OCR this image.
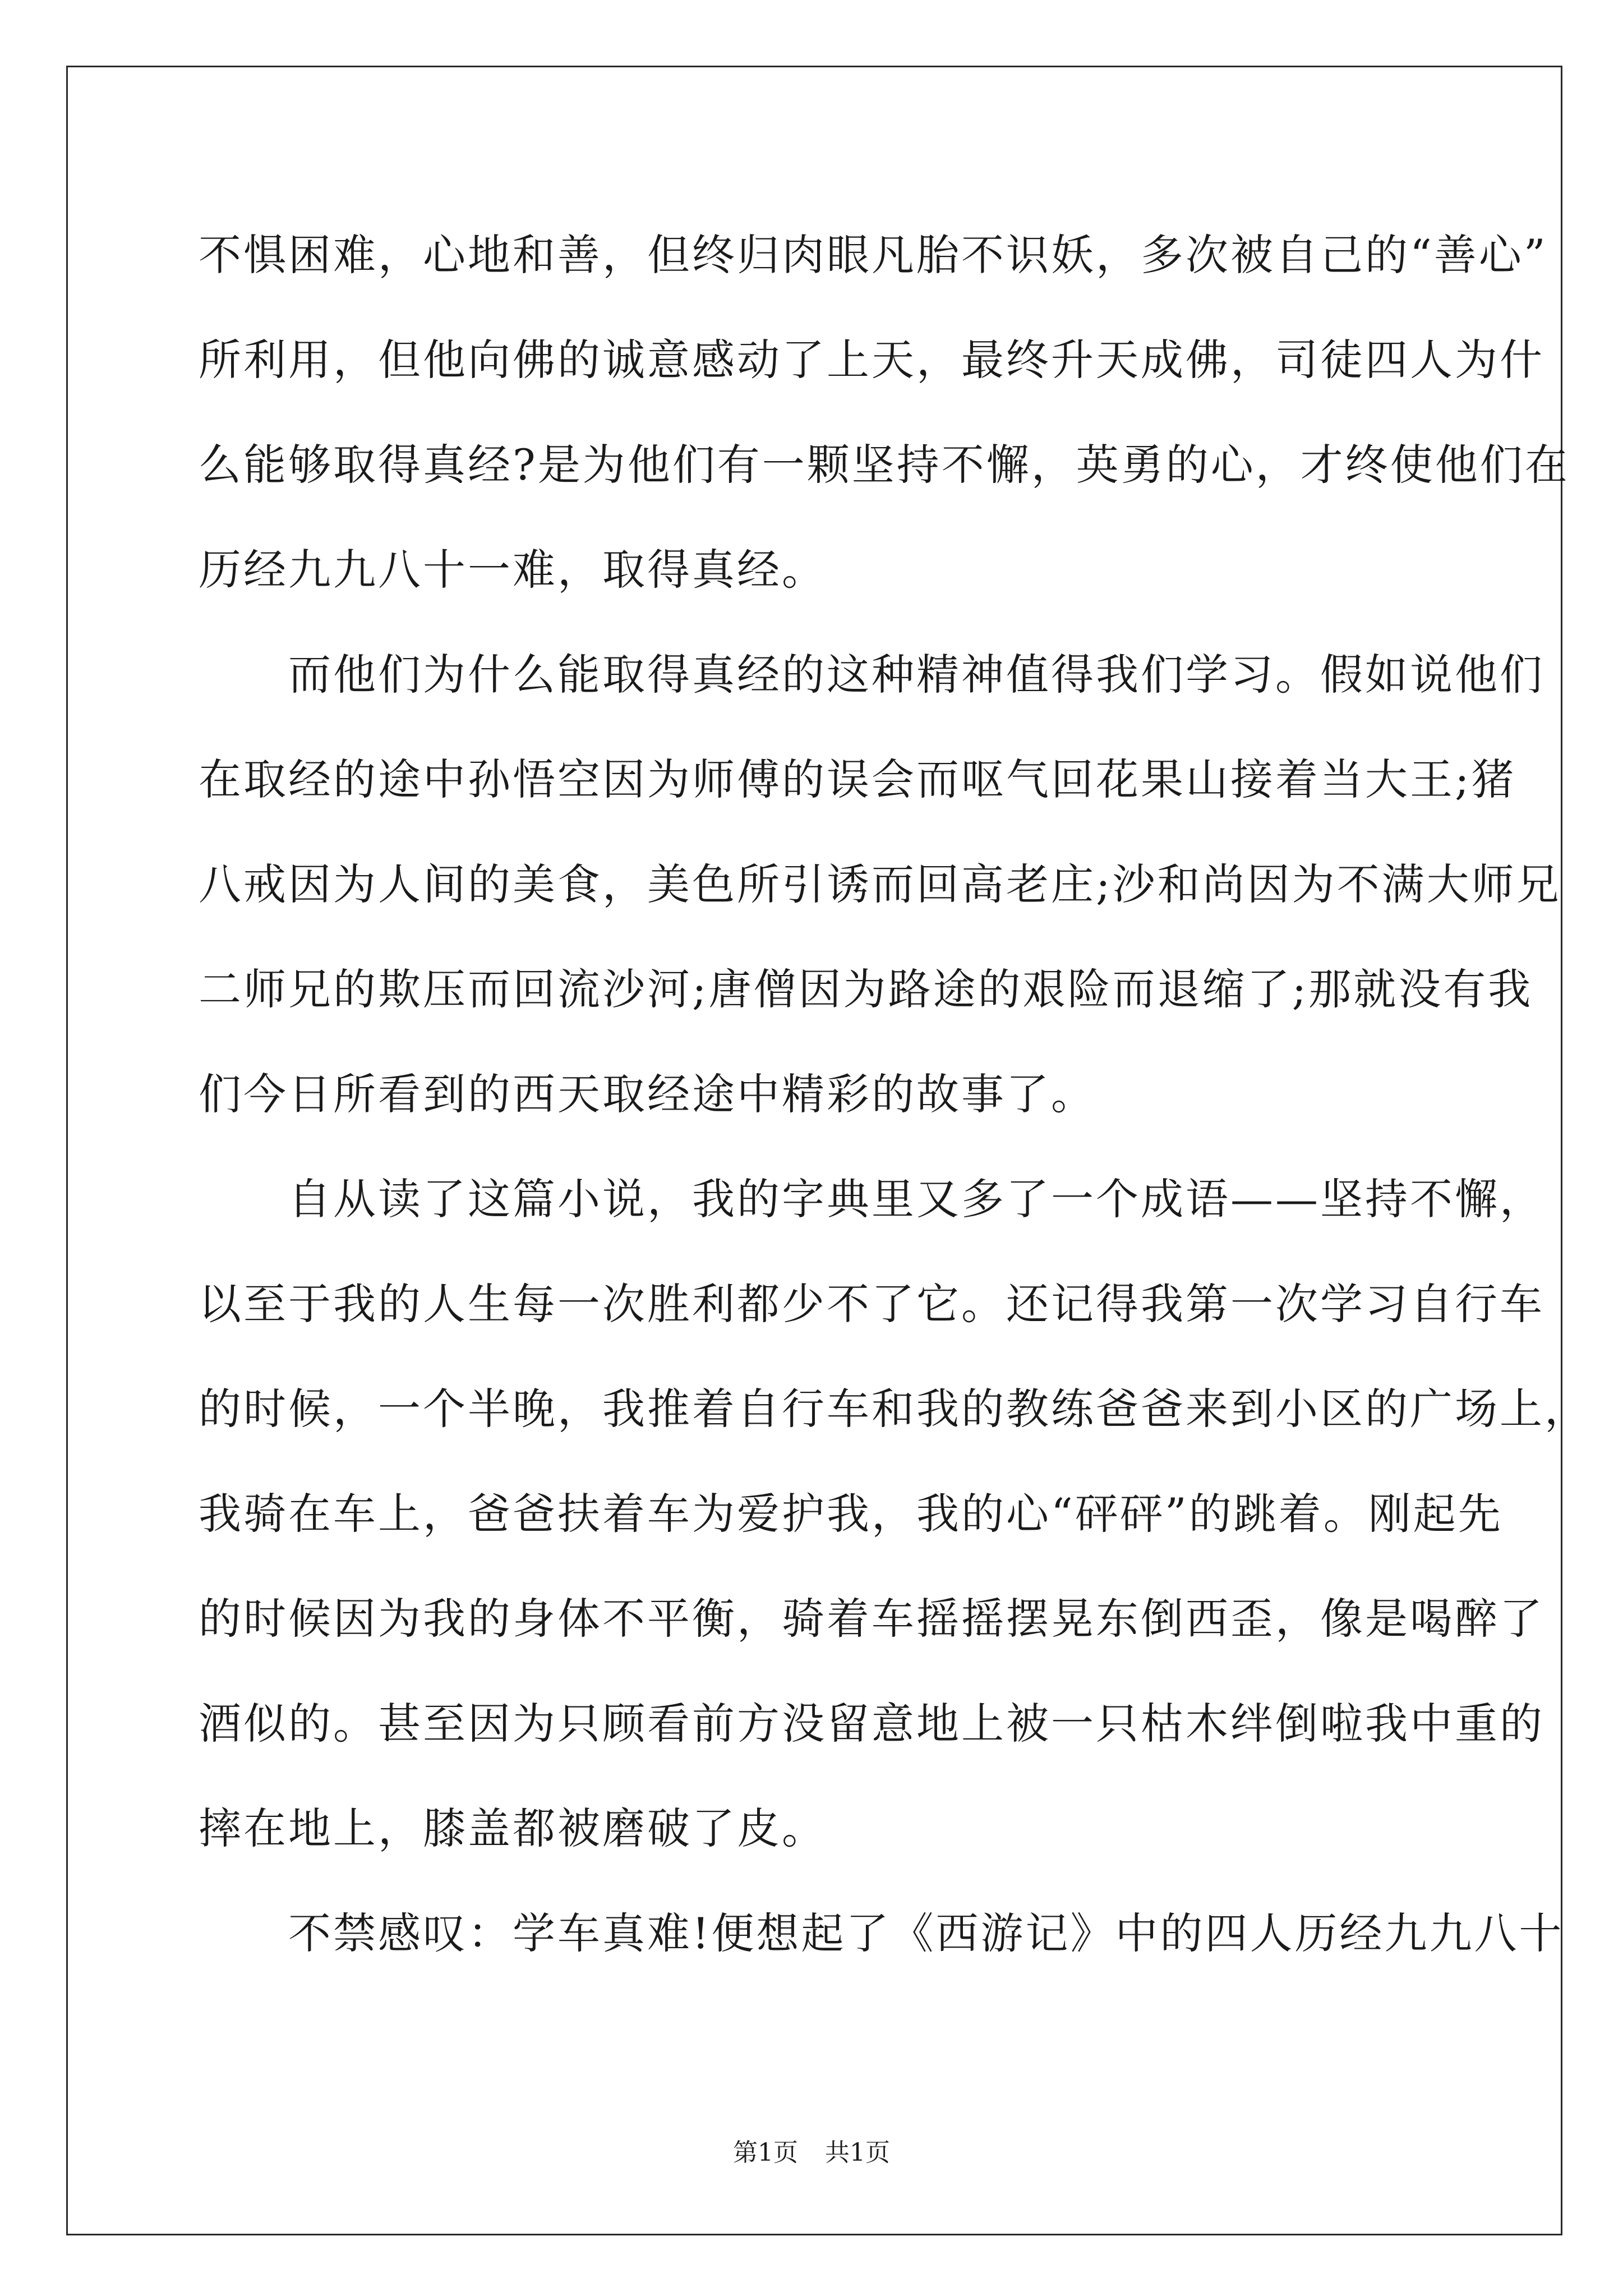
不惧困难，心地和善，但终归肉眼凡胎不识妖，多次被自己的“善心”
所利用，但他向佛的诚意感动了上天，最终升天成佛，司徒四人为什
么能够取得真经?是为他们有一颗坚持不懈，英勇的心，才终使他们在
历经九九八十一难，取得真经。
　　而他们为什么能取得真经的这种精神值得我们学习。假如说他们
在取经的途中孙悟空因为师傅的误会而呕气回花果山接着当大王;猪
八戒因为人间的美食，美色所引诱而回高老庄;沙和尚因为不满大师兄
二师兄的欺压而回流沙河;唐僧因为路途的艰险而退缩了;那就没有我
们今日所看到的西天取经途中精彩的故事了。
　　自从读了这篇小说，我的字典里又多了一个成语——坚持不懈，
以至于我的人生每一次胜利都少不了它。还记得我第一次学习自行车
的时候，一个半晚，我推着自行车和我的教练爸爸来到小区的广场上，
我骑在车上，爸爸扶着车为爱护我，我的心“砰砰”的跳着。刚起先
的时候因为我的身体不平衡，骑着车摇摇摆晃东倒西歪，像是喝醉了
酒似的。甚至因为只顾看前方没留意地上被一只枯木绊倒啦我中重的
摔在地上，膝盖都被磨破了皮。
　　不禁感叹：学车真难!便想起了《西游记》中的四人历经九九八十
第1页 共1页
